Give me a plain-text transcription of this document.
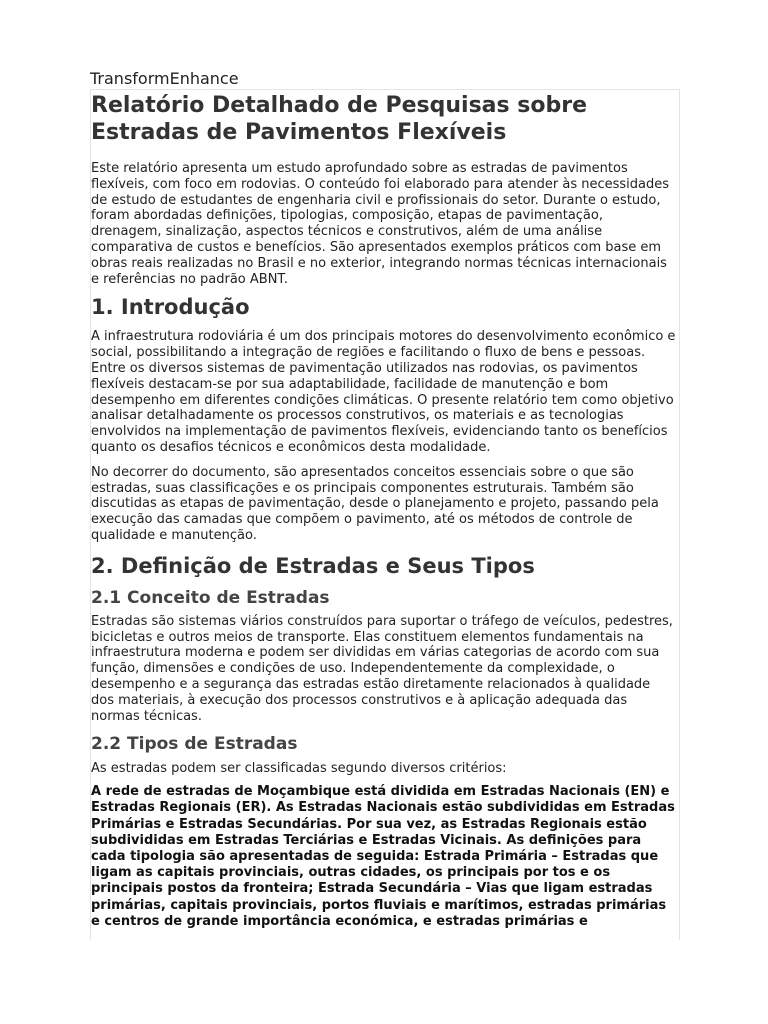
TransformEnhance
Relatório Detalhado de Pesquisas sobre Estradas de Pavimentos Flexíveis

Este relatório apresenta um estudo aprofundado sobre as estradas de pavimentos flexíveis, com foco em rodovias. O conteúdo foi elaborado para atender às necessidades de estudo de estudantes de engenharia civil e profissionais do setor. Durante o estudo, foram abordadas definições, tipologias, composição, etapas de pavimentação, drenagem, sinalização, aspectos técnicos e construtivos, além de uma análise comparativa de custos e benefícios. São apresentados exemplos práticos com base em obras reais realizadas no Brasil e no exterior, integrando normas técnicas internacionais e referências no padrão ABNT.

1. Introdução

A infraestrutura rodoviária é um dos principais motores do desenvolvimento econômico e social, possibilitando a integração de regiões e facilitando o fluxo de bens e pessoas. Entre os diversos sistemas de pavimentação utilizados nas rodovias, os pavimentos flexíveis destacam-se por sua adaptabilidade, facilidade de manutenção e bom desempenho em diferentes condições climáticas. O presente relatório tem como objetivo analisar detalhadamente os processos construtivos, os materiais e as tecnologias envolvidos na implementação de pavimentos flexíveis, evidenciando tanto os benefícios quanto os desafios técnicos e econômicos desta modalidade.

No decorrer do documento, são apresentados conceitos essenciais sobre o que são estradas, suas classificações e os principais componentes estruturais. Também são discutidas as etapas de pavimentação, desde o planejamento e projeto, passando pela execução das camadas que compõem o pavimento, até os métodos de controle de qualidade e manutenção.

2. Definição de Estradas e Seus Tipos
2.1 Conceito de Estradas

Estradas são sistemas viários construídos para suportar o tráfego de veículos, pedestres, bicicletas e outros meios de transporte. Elas constituem elementos fundamentais na infraestrutura moderna e podem ser divididas em várias categorias de acordo com sua função, dimensões e condições de uso. Independentemente da complexidade, o desempenho e a segurança das estradas estão diretamente relacionados à qualidade dos materiais, à execução dos processos construtivos e à aplicação adequada das normas técnicas.

2.2 Tipos de Estradas

As estradas podem ser classificadas segundo diversos critérios:

A rede de estradas de Moçambique está dividida em Estradas Nacionais (EN) e Estradas Regionais (ER). As Estradas Nacionais estão subdivididas em Estradas Primárias e Estradas Secundárias. Por sua vez, as Estradas Regionais estão subdivididas em Estradas Terciárias e Estradas Vicinais. As definições para cada tipologia são apresentadas de seguida: Estrada Primária – Estradas que ligam as capitais provinciais, outras cidades, os principais por tos e os principais postos da fronteira; Estrada Secundária – Vias que ligam estradas primárias, capitais provinciais, portos fluviais e marítimos, estradas primárias e centros de grande importância económica, e estradas primárias e
